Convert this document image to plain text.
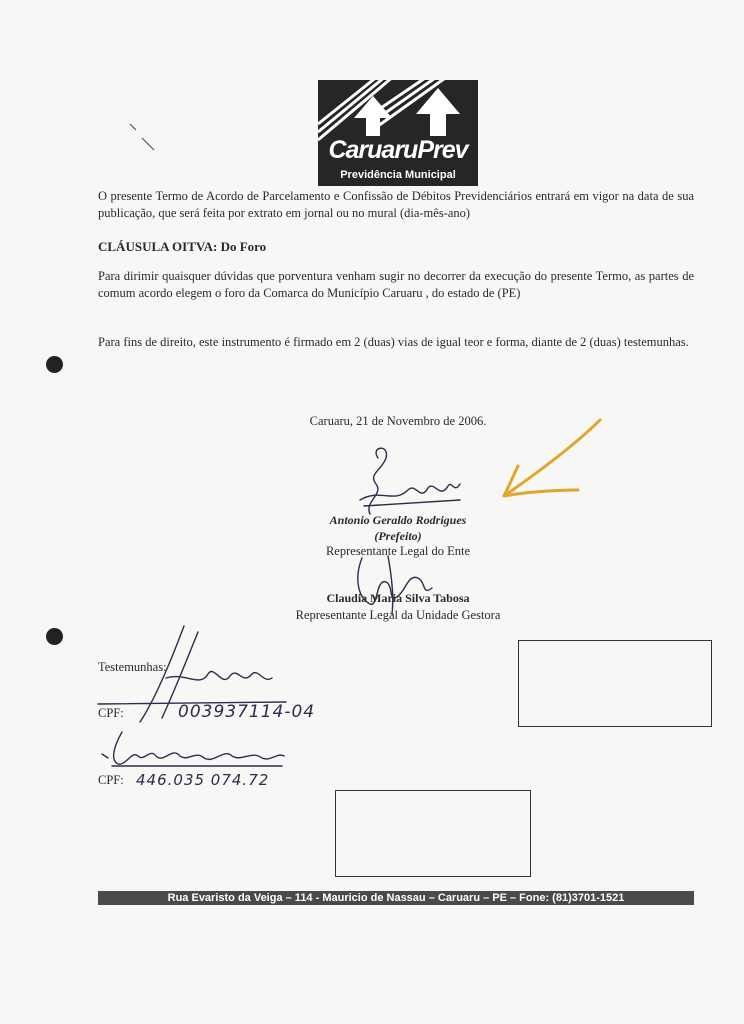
CaruaruPrev
Previdência Municipal
O presente Termo de Acordo de Parcelamento e Confissão de Débitos Previdenciários entrará em vigor na data de sua publicação, que será feita por extrato em jornal ou no mural (dia-mês-ano)
CLÁUSULA OITVA: Do Foro
Para dirimir quaisquer dúvidas que porventura venham sugir no decorrer da execução do presente Termo, as partes de comum acordo elegem o foro da Comarca do Município Caruaru , do estado de (PE)
Para fins de direito, este instrumento é firmado em 2 (duas) vias de igual teor e forma, diante de 2 (duas) testemunhas.
Caruaru, 21 de Novembro de 2006.
Antonio Geraldo Rodrigues
(Prefeito)
Representante Legal do Ente
Claudia Maria Silva Tabosa
Representante Legal da Unidade Gestora
Testemunhas:
CPF:	003937114-04
CPF: 446.035 074.72
Rua Evaristo da Veiga – 114 - Mauricio de Nassau – Caruaru – PE – Fone: (81)3701-1521
